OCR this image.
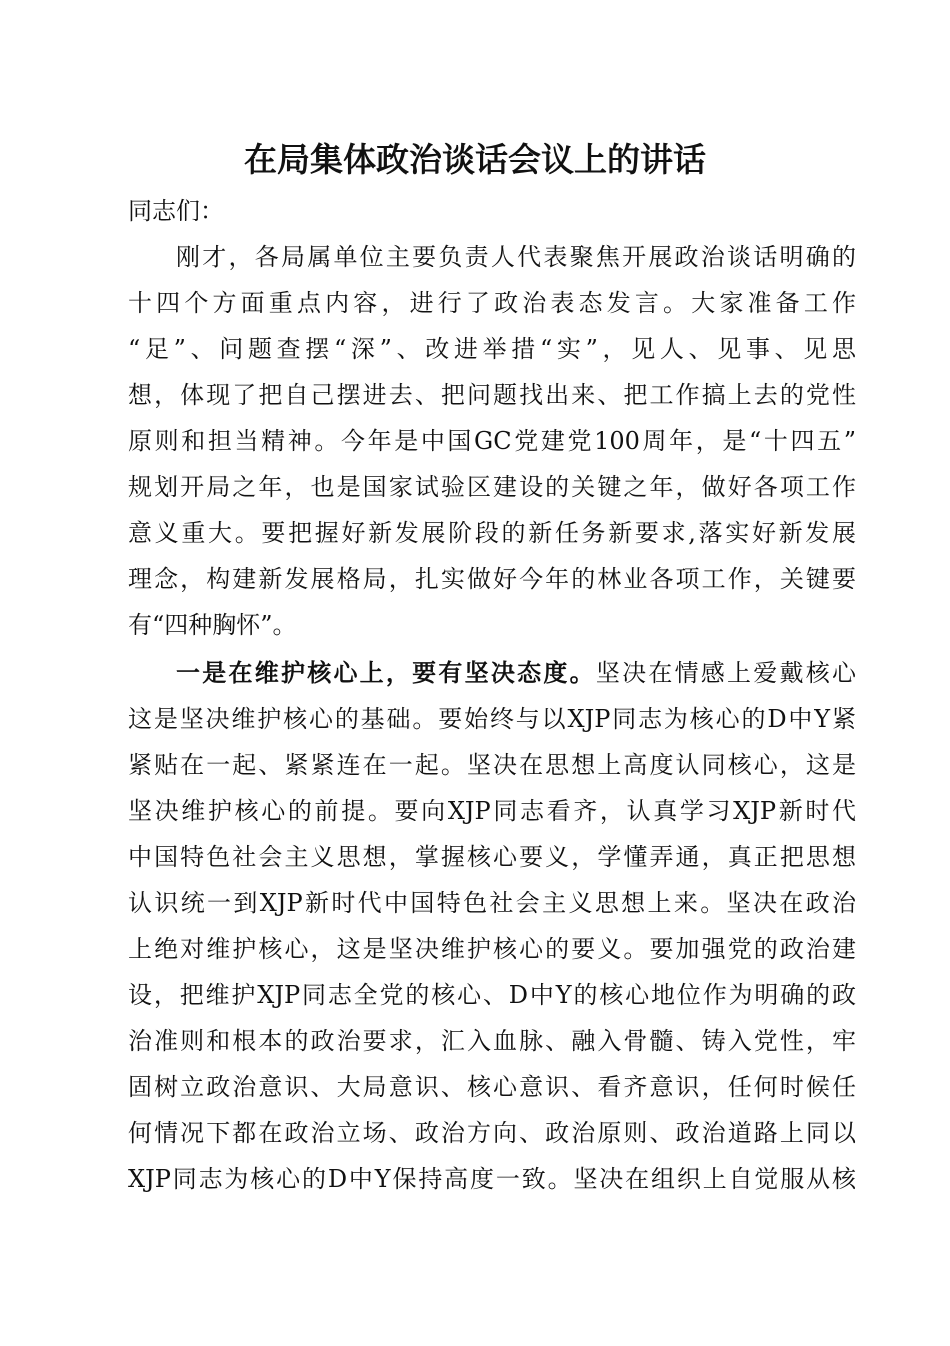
在局集体政治谈话会议上的讲话
同志们：
刚才，各局属单位主要负责人代表聚焦开展政治谈话明确的
十四个方面重点内容，进行了政治表态发言。大家准备工作
“足”、问题查摆“深”、改进举措“实”，见人、见事、见思
想，体现了把自己摆进去、把问题找出来、把工作搞上去的党性
原则和担当精神。今年是中国GC党建党100周年，是“十四五”
规划开局之年，也是国家试验区建设的关键之年，做好各项工作
意义重大。要把握好新发展阶段的新任务新要求,落实好新发展
理念，构建新发展格局，扎实做好今年的林业各项工作，关键要
有“四种胸怀”。
一是在维护核心上，要有坚决态度。坚决在情感上爱戴核心
这是坚决维护核心的基础。要始终与以XJP同志为核心的D中Y紧
紧贴在一起、紧紧连在一起。坚决在思想上高度认同核心，这是
坚决维护核心的前提。要向XJP同志看齐，认真学习XJP新时代
中国特色社会主义思想，掌握核心要义，学懂弄通，真正把思想
认识统一到XJP新时代中国特色社会主义思想上来。坚决在政治
上绝对维护核心，这是坚决维护核心的要义。要加强党的政治建
设，把维护XJP同志全党的核心、D中Y的核心地位作为明确的政
治准则和根本的政治要求，汇入血脉、融入骨髓、铸入党性，牢
固树立政治意识、大局意识、核心意识、看齐意识，任何时候任
何情况下都在政治立场、政治方向、政治原则、政治道路上同以
XJP同志为核心的D中Y保持高度一致。坚决在组织上自觉服从核
